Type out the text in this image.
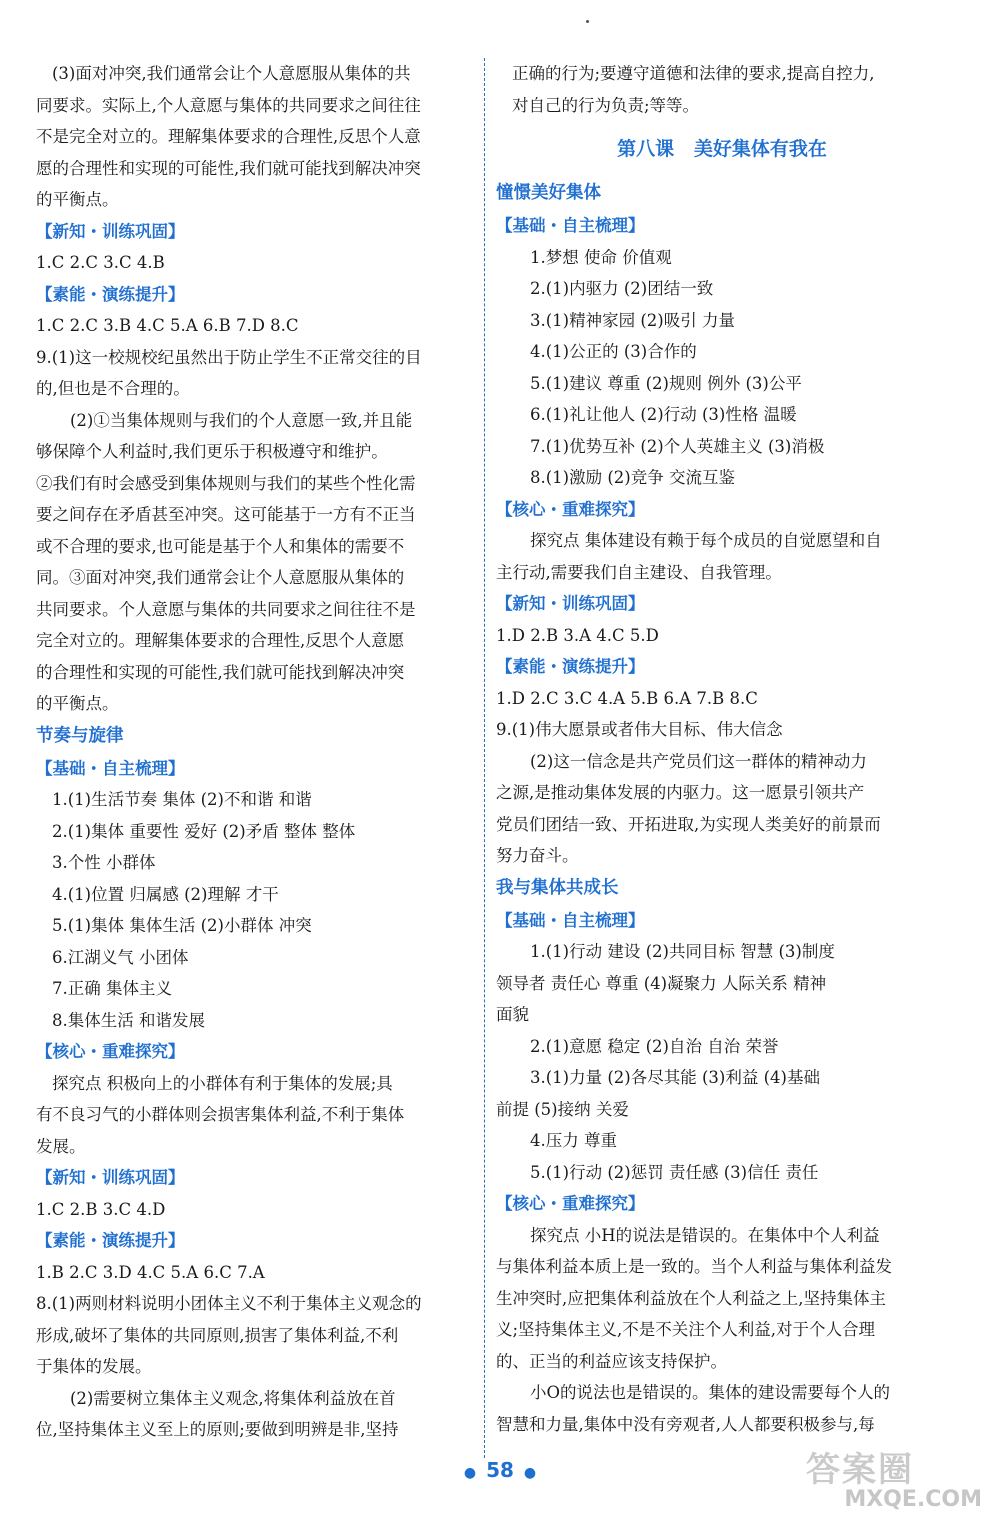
(3)面对冲突,我们通常会让个人意愿服从集体的共

同要求。实际上,个人意愿与集体的共同要求之间往往

不是完全对立的。理解集体要求的合理性,反思个人意

愿的合理性和实现的可能性,我们就可能找到解决冲突

的平衡点。

【新知・训练巩固】

1.C 2.C 3.C 4.B

【素能・演练提升】

1.C 2.C 3.B 4.C 5.A 6.B 7.D 8.C

9.(1)这一校规校纪虽然出于防止学生不正常交往的目

的,但也是不合理的。

(2)①当集体规则与我们的个人意愿一致,并且能

够保障个人利益时,我们更乐于积极遵守和维护。

②我们有时会感受到集体规则与我们的某些个性化需

要之间存在矛盾甚至冲突。这可能基于一方有不正当

或不合理的要求,也可能是基于个人和集体的需要不

同。③面对冲突,我们通常会让个人意愿服从集体的

共同要求。个人意愿与集体的共同要求之间往往不是

完全对立的。理解集体要求的合理性,反思个人意愿

的合理性和实现的可能性,我们就可能找到解决冲突

的平衡点。

节奏与旋律

【基础・自主梳理】

1.(1)生活节奏 集体 (2)不和谐 和谐

2.(1)集体 重要性 爱好 (2)矛盾 整体 整体

3.个性 小群体

4.(1)位置 归属感 (2)理解 才干

5.(1)集体 集体生活 (2)小群体 冲突

6.江湖义气 小团体

7.正确 集体主义

8.集体生活 和谐发展

【核心・重难探究】

探究点 积极向上的小群体有利于集体的发展;具

有不良习气的小群体则会损害集体利益,不利于集体

发展。

【新知・训练巩固】

1.C 2.B 3.C 4.D

【素能・演练提升】

1.B 2.C 3.D 4.C 5.A 6.C 7.A

8.(1)两则材料说明小团体主义不利于集体主义观念的

形成,破坏了集体的共同原则,损害了集体利益,不利

于集体的发展。

(2)需要树立集体主义观念,将集体利益放在首

位,坚持集体主义至上的原则;要做到明辨是非,坚持

正确的行为;要遵守道德和法律的要求,提高自控力,

对自己的行为负责;等等。

第八课   美好集体有我在

憧憬美好集体

【基础・自主梳理】

1.梦想 使命 价值观

2.(1)内驱力 (2)团结一致

3.(1)精神家园 (2)吸引 力量

4.(1)公正的 (3)合作的

5.(1)建议 尊重 (2)规则 例外 (3)公平

6.(1)礼让他人 (2)行动 (3)性格 温暖

7.(1)优势互补 (2)个人英雄主义 (3)消极

8.(1)激励 (2)竞争 交流互鉴

【核心・重难探究】

探究点 集体建设有赖于每个成员的自觉愿望和自

主行动,需要我们自主建设、自我管理。

【新知・训练巩固】

1.D 2.B 3.A 4.C 5.D

【素能・演练提升】

1.D 2.C 3.C 4.A 5.B 6.A 7.B 8.C

9.(1)伟大愿景或者伟大目标、伟大信念

(2)这一信念是共产党员们这一群体的精神动力

之源,是推动集体发展的内驱力。这一愿景引领共产

党员们团结一致、开拓进取,为实现人类美好的前景而

努力奋斗。

我与集体共成长

【基础・自主梳理】

1.(1)行动 建设 (2)共同目标 智慧 (3)制度

领导者 责任心 尊重 (4)凝聚力 人际关系 精神

面貌

2.(1)意愿 稳定 (2)自治 自治 荣誉

3.(1)力量 (2)各尽其能 (3)利益 (4)基础

前提 (5)接纳 关爱

4.压力 尊重

5.(1)行动 (2)惩罚 责任感 (3)信任 责任

【核心・重难探究】

探究点 小H的说法是错误的。在集体中个人利益

与集体利益本质上是一致的。当个人利益与集体利益发

生冲突时,应把集体利益放在个人利益之上,坚持集体主

义;坚持集体主义,不是不关注个人利益,对于个人合理

的、正当的利益应该支持保护。

小O的说法也是错误的。集体的建设需要每个人的

智慧和力量,集体中没有旁观者,人人都要积极参与,每

● 58 ●	答案圈
MXQE.COM
